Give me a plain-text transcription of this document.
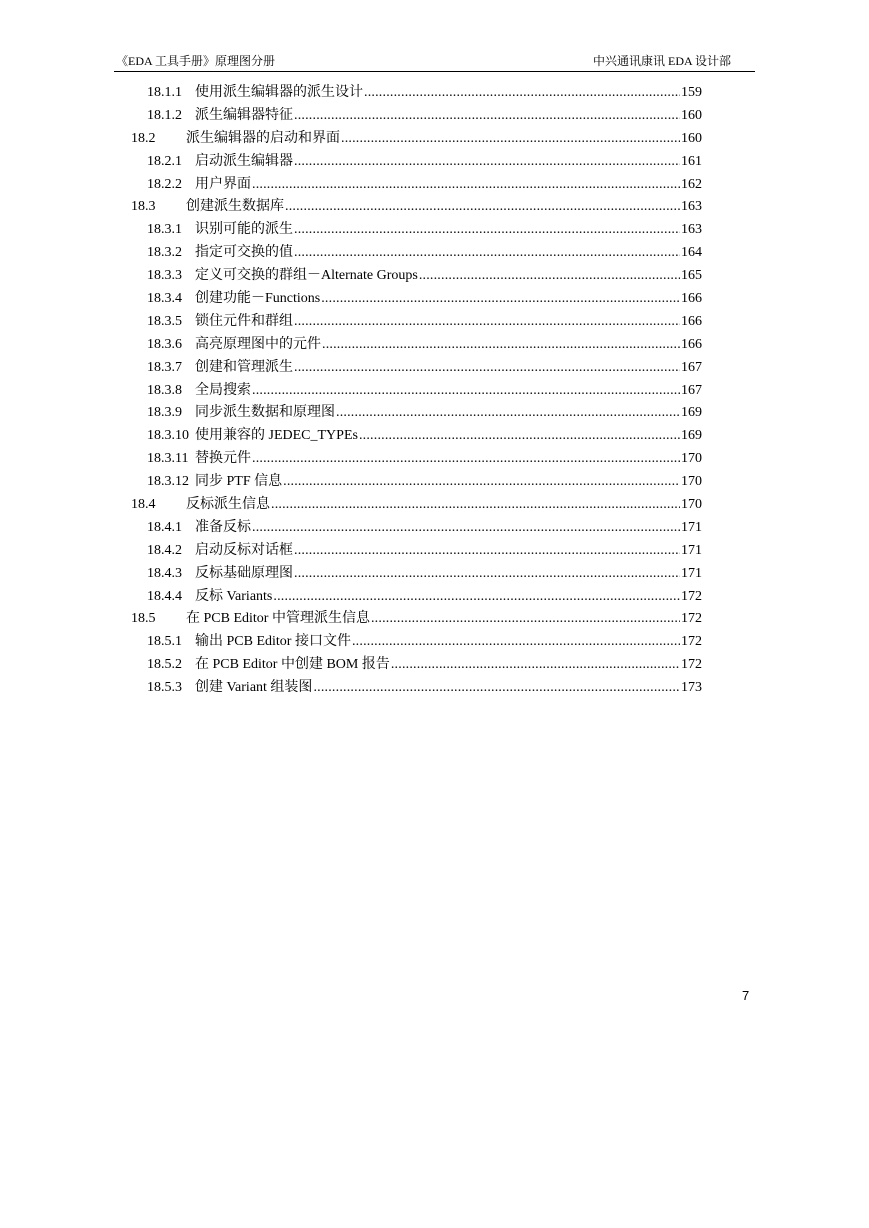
《EDA 工具手册》原理图分册	中兴通讯康讯 EDA 设计部
18.1.1 使用派生编辑器的派生设计 .....	159
18.1.2 派生编辑器特征 .....	160
18.2	派生编辑器的启动和界面 .....	160
18.2.1 启动派生编辑器 .....	161
18.2.2 用户界面 .....	162
18.3	创建派生数据库 .....	163
18.3.1 识别可能的派生 .....	163
18.3.2 指定可交换的值 .....	164
18.3.3 定义可交换的群组－Alternate Groups .....	165
18.3.4 创建功能－Functions .....	166
18.3.5 锁住元件和群组 .....	166
18.3.6 高亮原理图中的元件 .....	166
18.3.7 创建和管理派生 .....	167
18.3.8 全局搜索 .....	167
18.3.9 同步派生数据和原理图 .....	169
18.3.10 使用兼容的 JEDEC_TYPEs .....	169
18.3.11 替换元件 .....	170
18.3.12 同步 PTF 信息 .....	170
18.4	反标派生信息 .....	170
18.4.1 准备反标 .....	171
18.4.2 启动反标对话框 .....	171
18.4.3 反标基础原理图 .....	171
18.4.4 反标 Variants .....	172
18.5	在 PCB Editor 中管理派生信息 .....	172
18.5.1 输出 PCB Editor 接口文件 .....	172
18.5.2 在 PCB Editor 中创建 BOM 报告 .....	172
18.5.3 创建 Variant 组装图 .....	173
7
